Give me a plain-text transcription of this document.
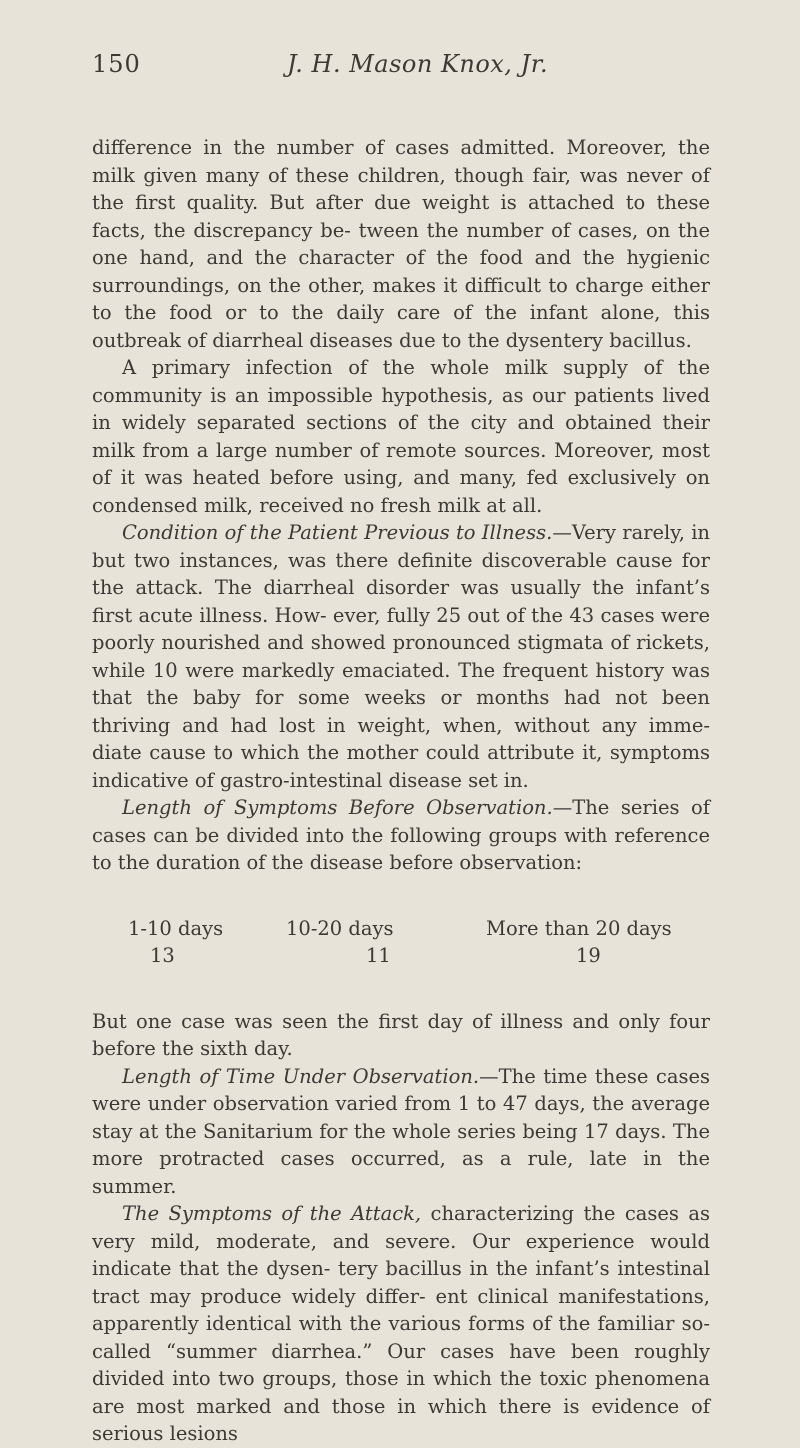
150	J. H. Mason Knox, Jr.

difference in the number of cases admitted. Moreover, the milk given many of these children, though fair, was never of the first quality. But after due weight is attached to these facts, the discrepancy be- tween the number of cases, on the one hand, and the character of the food and the hygienic surroundings, on the other, makes it difficult to charge either to the food or to the daily care of the infant alone, this outbreak of diarrheal diseases due to the dysentery bacillus.

A primary infection of the whole milk supply of the community is an impossible hypothesis, as our patients lived in widely separated sections of the city and obtained their milk from a large number of remote sources. Moreover, most of it was heated before using, and many, fed exclusively on condensed milk, received no fresh milk at all.

Condition of the Patient Previous to Illness.—Very rarely, in but two instances, was there definite discoverable cause for the attack. The diarrheal disorder was usually the infant’s first acute illness. How- ever, fully 25 out of the 43 cases were poorly nourished and showed pronounced stigmata of rickets, while 10 were markedly emaciated. The frequent history was that the baby for some weeks or months had not been thriving and had lost in weight, when, without any imme- diate cause to which the mother could attribute it, symptoms indicative of gastro-intestinal disease set in.

Length of Symptoms Before Observation.—The series of cases can be divided into the following groups with reference to the duration of the disease before observation:

1-10 days	10-20 days	More than 20 days
13	11	19

But one case was seen the first day of illness and only four before the sixth day.

Length of Time Under Observation.—The time these cases were under observation varied from 1 to 47 days, the average stay at the Sanitarium for the whole series being 17 days. The more protracted cases occurred, as a rule, late in the summer.

The Symptoms of the Attack, characterizing the cases as very mild, moderate, and severe. Our experience would indicate that the dysen- tery bacillus in the infant’s intestinal tract may produce widely differ- ent clinical manifestations, apparently identical with the various forms of the familiar so-called “summer diarrhea.” Our cases have been roughly divided into two groups, those in which the toxic phenomena are most marked and those in which there is evidence of serious lesions
